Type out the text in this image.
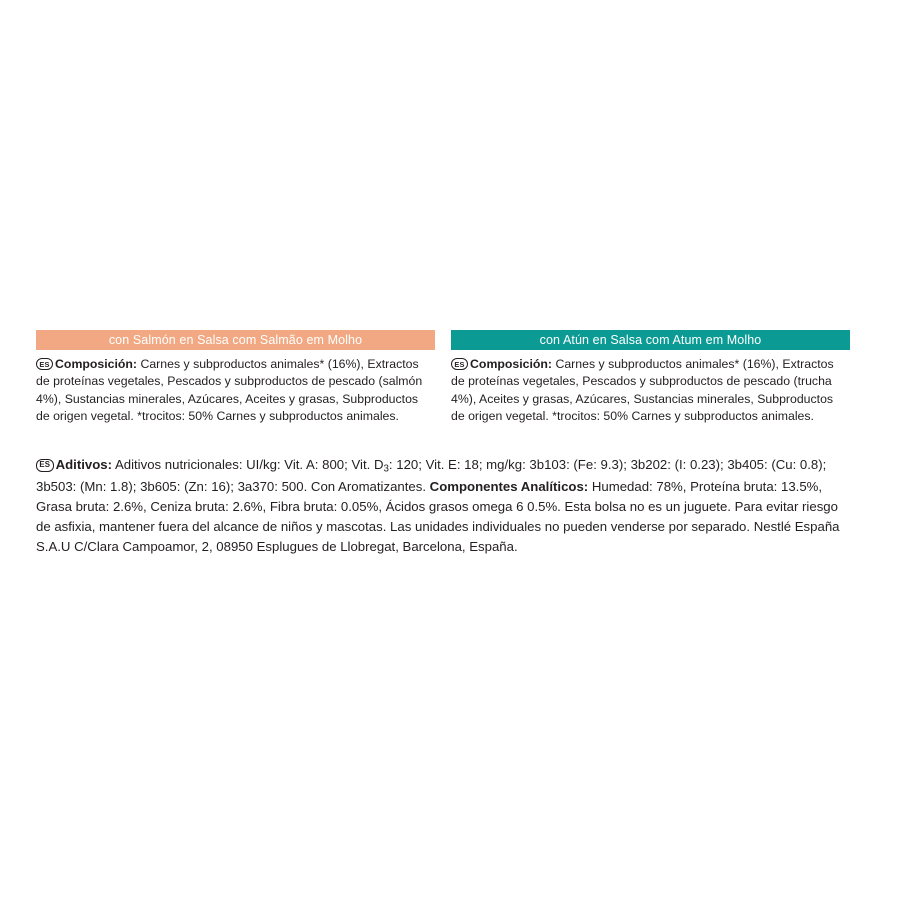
con Salmón en Salsa com Salmão em Molho
ES Composición: Carnes y subproductos animales* (16%), Extractos de proteínas vegetales, Pescados y subproductos de pescado (salmón 4%), Sustancias minerales, Azúcares, Aceites y grasas, Subproductos de origen vegetal. *trocitos: 50% Carnes y subproductos animales.
con Atún en Salsa com Atum em Molho
ES Composición: Carnes y subproductos animales* (16%), Extractos de proteínas vegetales, Pescados y subproductos de pescado (trucha 4%), Aceites y grasas, Azúcares, Sustancias minerales, Subproductos de origen vegetal. *trocitos: 50% Carnes y subproductos animales.
ES Aditivos: Aditivos nutricionales: UI/kg: Vit. A: 800; Vit. $D_3$: 120; Vit. E: 18; mg/kg: 3b103: (Fe: 9.3); 3b202: (I: 0.23); 3b405: (Cu: 0.8); 3b503: (Mn: 1.8); 3b605: (Zn: 16); 3a370: 500. Con Aromatizantes. Componentes Analíticos: Humedad: 78%, Proteína bruta: 13.5%, Grasa bruta: 2.6%, Ceniza bruta: 2.6%, Fibra bruta: 0.05%, Ácidos grasos omega 6 0.5%. Esta bolsa no es un juguete. Para evitar riesgo de asfixia, mantener fuera del alcance de niños y mascotas. Las unidades individuales no pueden venderse por separado. Nestlé España S.A.U C/Clara Campoamor, 2, 08950 Esplugues de Llobregat, Barcelona, España.
